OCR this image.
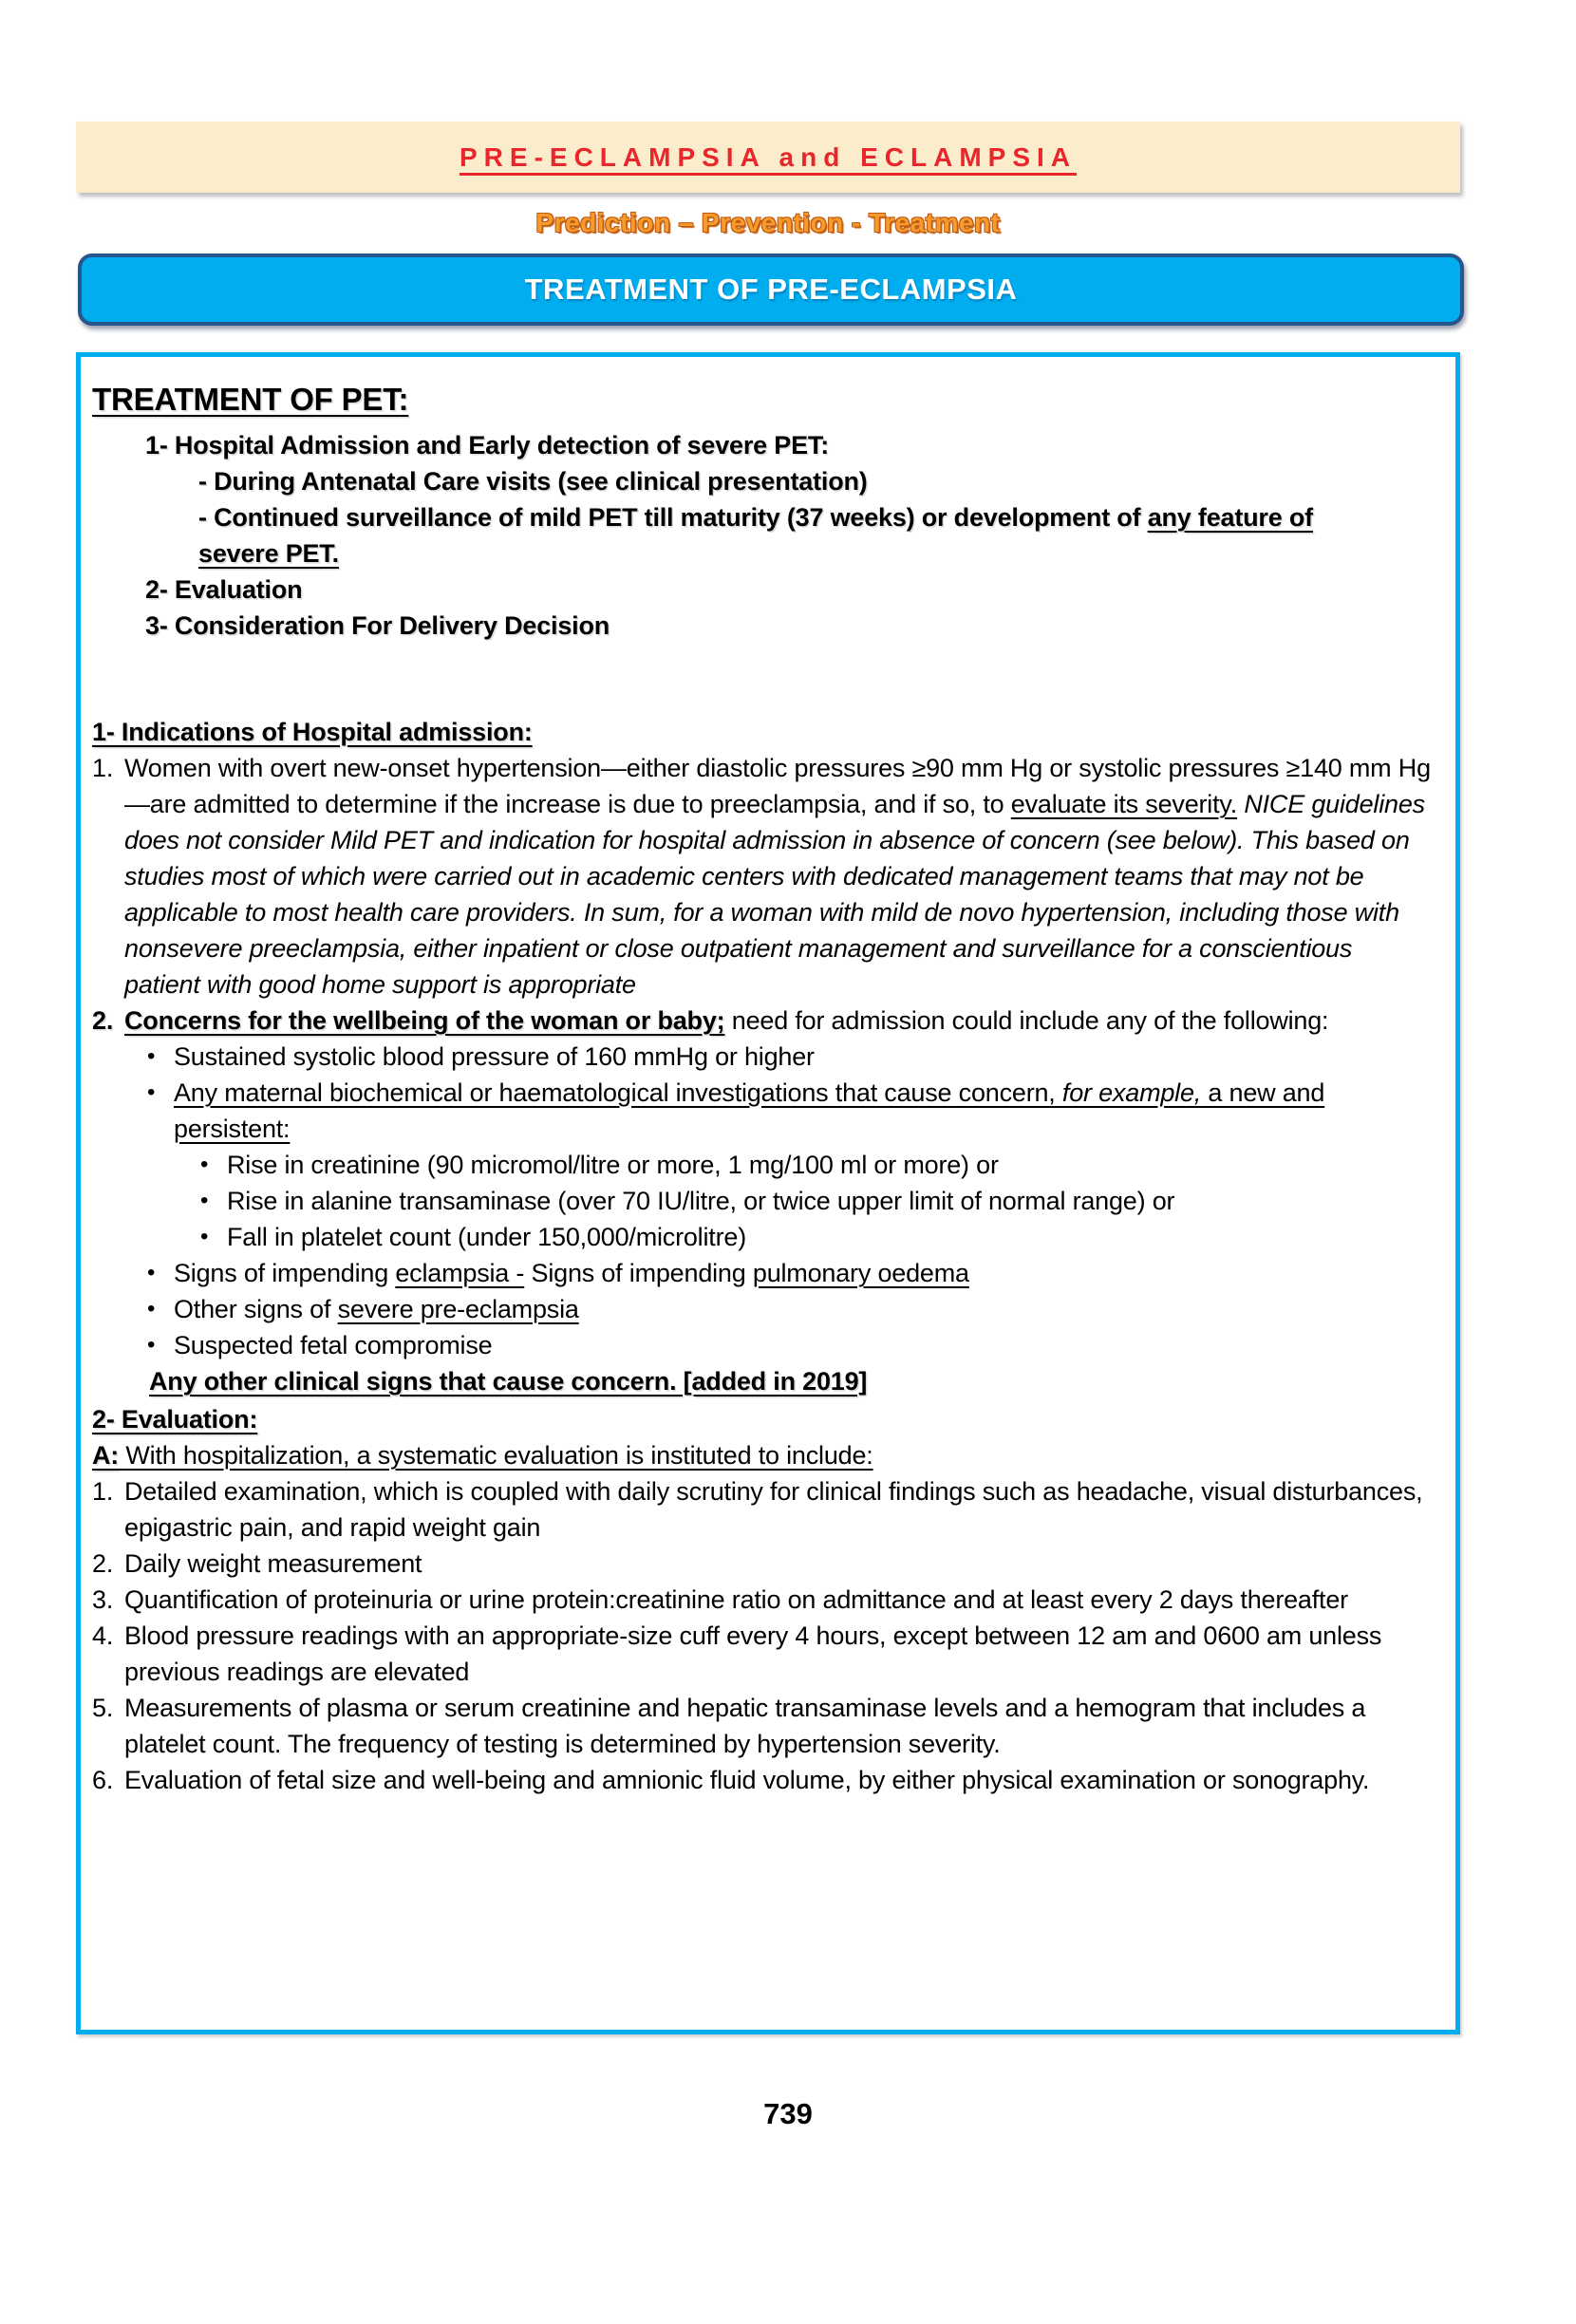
PRE-ECLAMPSIA and ECLAMPSIA
Prediction – Prevention - Treatment
TREATMENT OF PRE-ECLAMPSIA
TREATMENT OF PET:
1- Hospital Admission and Early detection of severe PET:
- During Antenatal Care visits (see clinical presentation)
- Continued surveillance of mild PET till maturity (37 weeks) or development of any feature of severe PET.
2- Evaluation
3- Consideration For Delivery Decision
1- Indications of Hospital admission:
1. Women with overt new-onset hypertension—either diastolic pressures ≥90 mm Hg or systolic pressures ≥140 mm Hg—are admitted to determine if the increase is due to preeclampsia, and if so, to evaluate its severity. NICE guidelines does not consider Mild PET and indication for hospital admission in absence of concern (see below). This based on studies most of which were carried out in academic centers with dedicated management teams that may not be applicable to most health care providers. In sum, for a woman with mild de novo hypertension, including those with nonsevere preeclampsia, either inpatient or close outpatient management and surveillance for a conscientious patient with good home support is appropriate
2. Concerns for the wellbeing of the woman or baby; need for admission could include any of the following:
• Sustained systolic blood pressure of 160 mmHg or higher
• Any maternal biochemical or haematological investigations that cause concern, for example, a new and persistent:
• Rise in creatinine (90 micromol/litre or more, 1 mg/100 ml or more) or
• Rise in alanine transaminase (over 70 IU/litre, or twice upper limit of normal range) or
• Fall in platelet count (under 150,000/microlitre)
• Signs of impending eclampsia - Signs of impending pulmonary oedema
• Other signs of severe pre-eclampsia
• Suspected fetal compromise
Any other clinical signs that cause concern. [added in 2019]
2- Evaluation:
A: With hospitalization, a systematic evaluation is instituted to include:
1. Detailed examination, which is coupled with daily scrutiny for clinical findings such as headache, visual disturbances, epigastric pain, and rapid weight gain
2. Daily weight measurement
3. Quantification of proteinuria or urine protein:creatinine ratio on admittance and at least every 2 days thereafter
4. Blood pressure readings with an appropriate-size cuff every 4 hours, except between 12 am and 0600 am unless previous readings are elevated
5. Measurements of plasma or serum creatinine and hepatic transaminase levels and a hemogram that includes a platelet count. The frequency of testing is determined by hypertension severity.
6. Evaluation of fetal size and well-being and amnionic fluid volume, by either physical examination or sonography.
739
